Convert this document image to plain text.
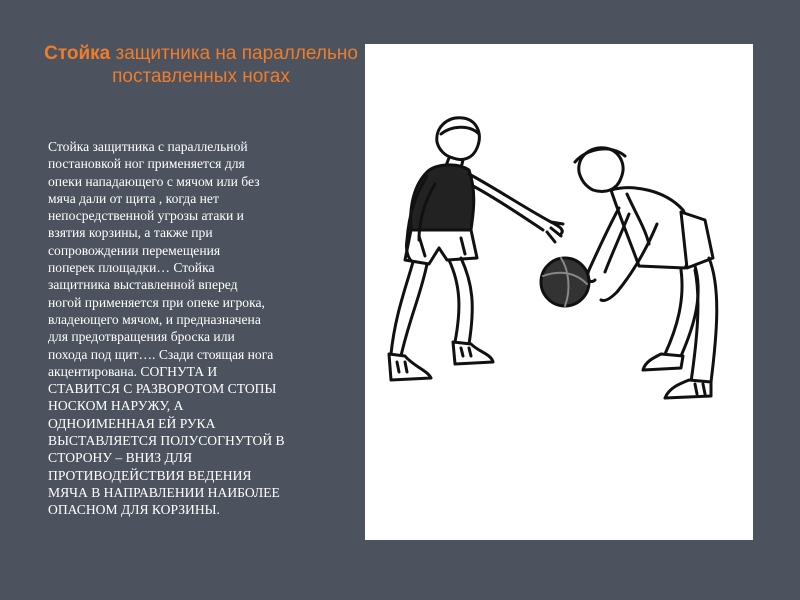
Стойка защитника на параллельно поставленных ногах

Стойка защитника с параллельной
постановкой ног применяется для
опеки нападающего с мячом или без
мяча дали от щита , когда нет
непосредственной угрозы атаки и
взятия корзины, а также при
сопровождении перемещения
поперек площадки… Стойка
защитника выставленной вперед
ногой применяется при опеке игрока,
владеющего мячом, и предназначена
для предотвращения броска или
похода под щит…. Сзади стоящая нога
акцентирована. СОГНУТА И
СТАВИТСЯ С РАЗВОРОТОМ СТОПЫ
НОСКОМ НАРУЖУ, А
ОДНОИМЕННАЯ ЕЙ РУКА
ВЫСТАВЛЯЕТСЯ ПОЛУСОГНУТОЙ В
СТОРОНУ – ВНИЗ ДЛЯ
ПРОТИВОДЕЙСТВИЯ ВЕДЕНИЯ
МЯЧА В НАПРАВЛЕНИИ НАИБОЛЕЕ
ОПАСНОМ ДЛЯ КОРЗИНЫ.
